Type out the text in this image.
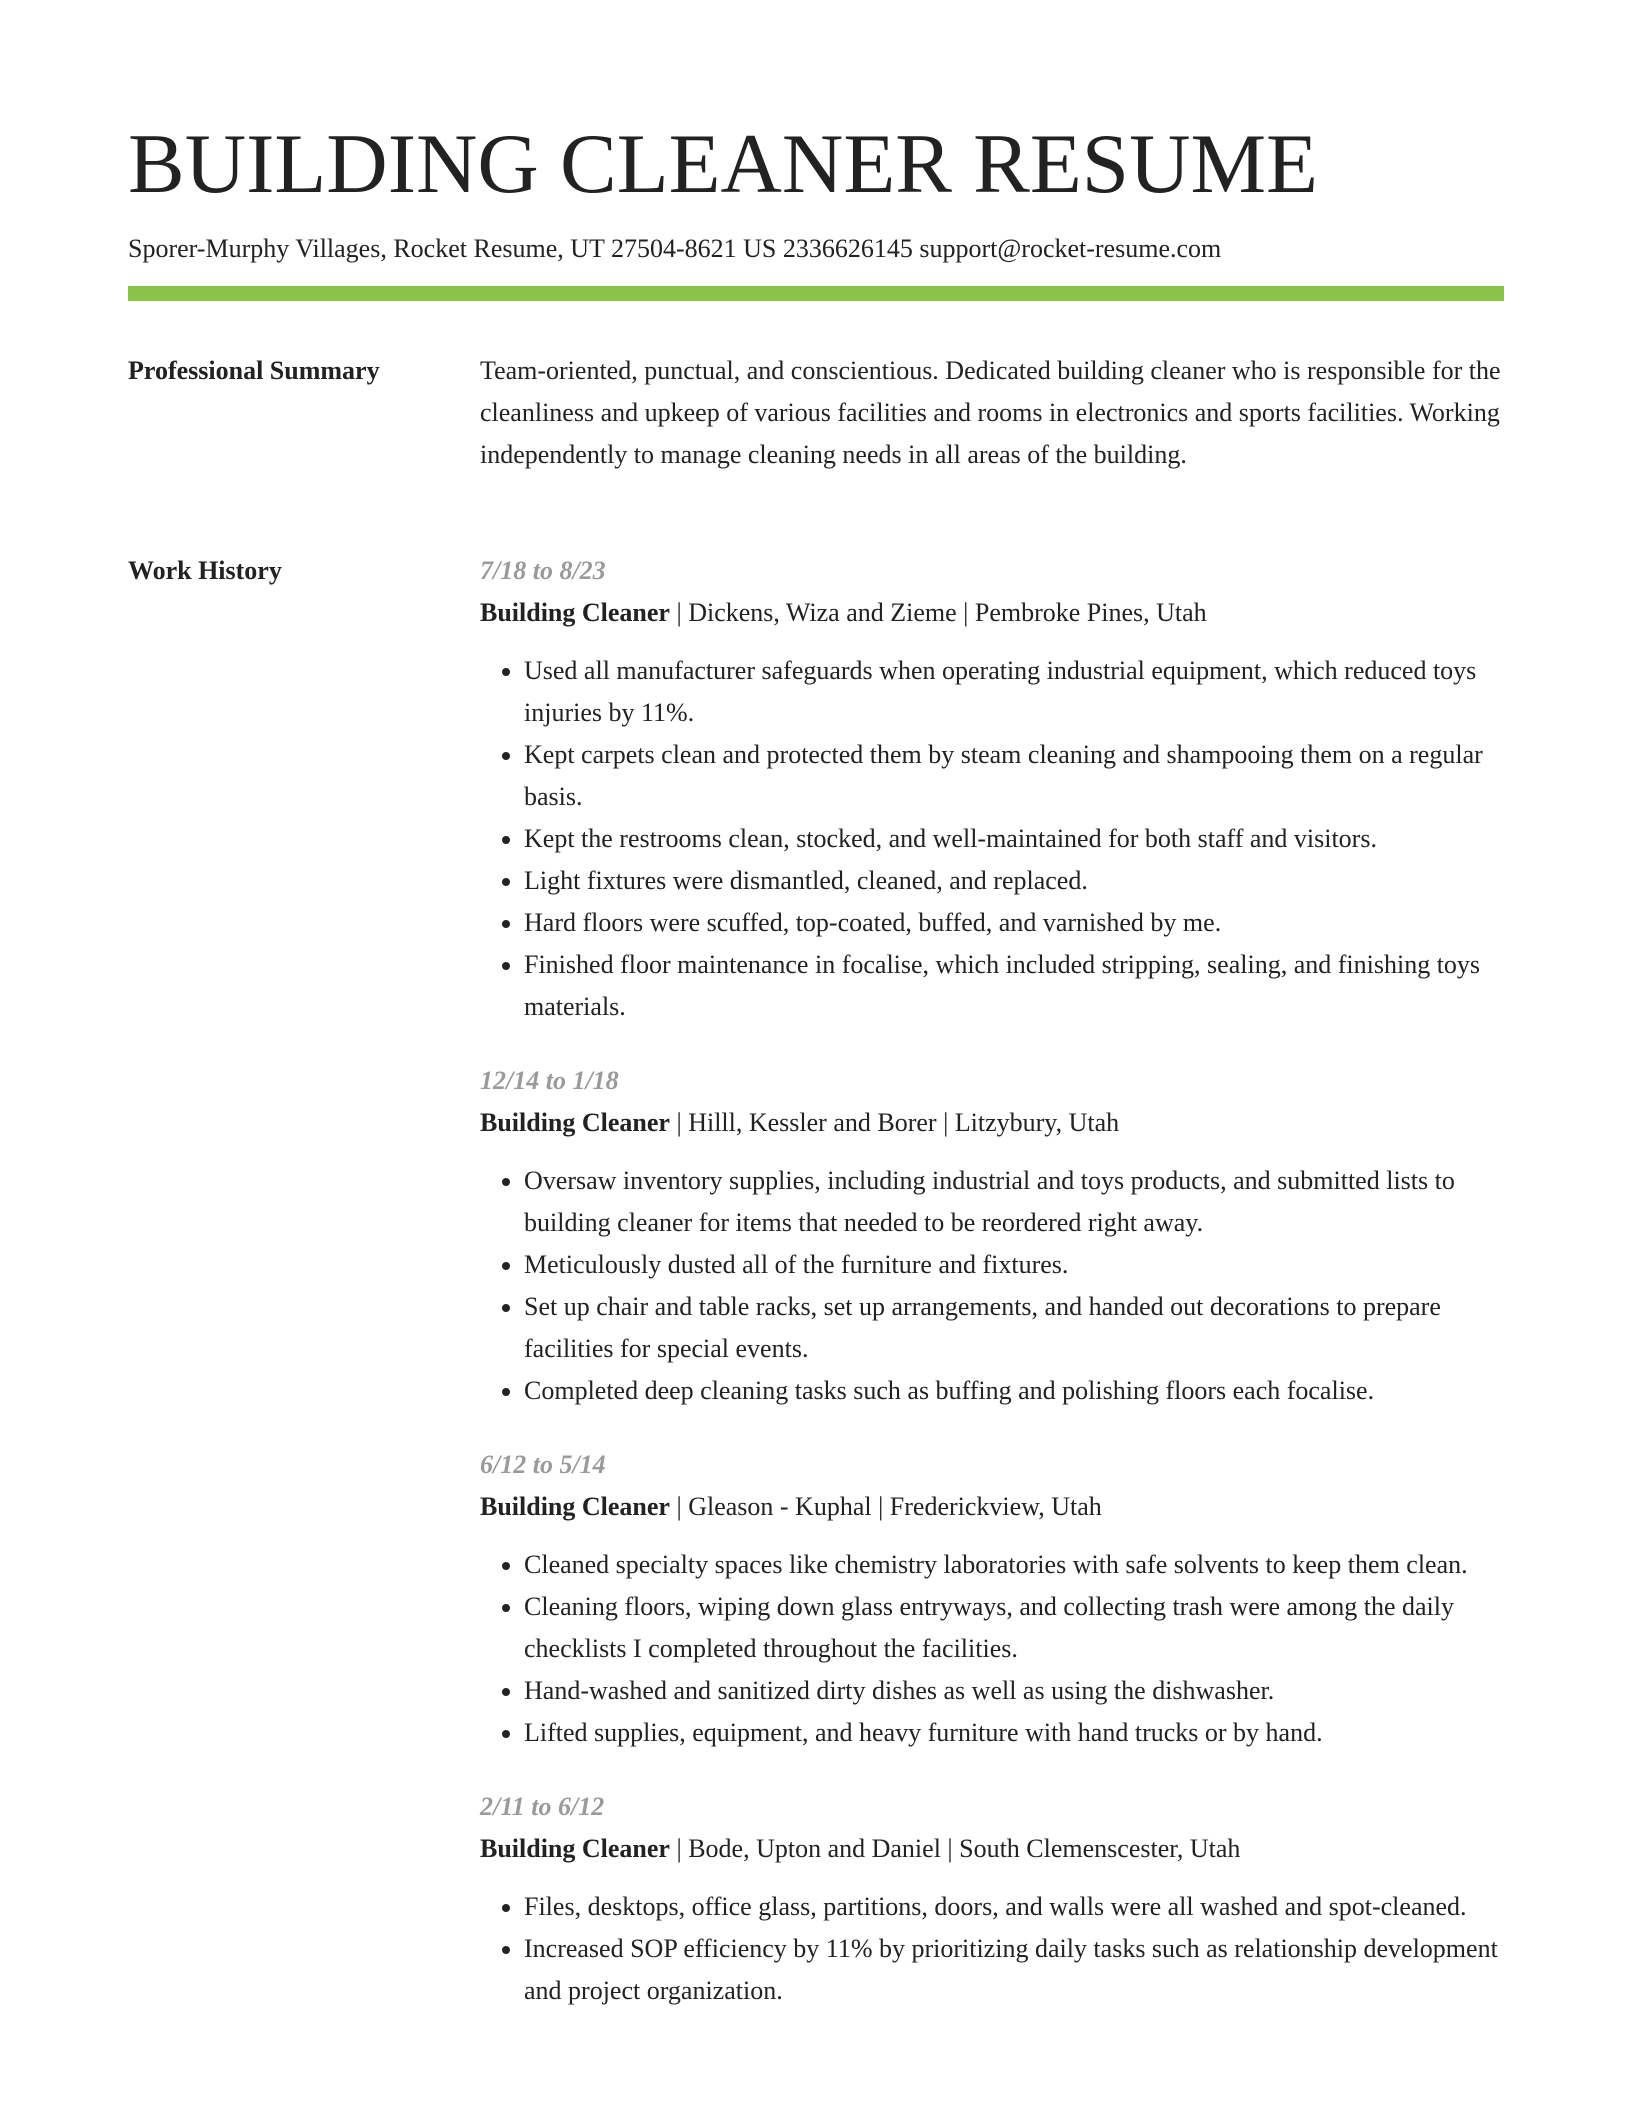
BUILDING CLEANER RESUME
Sporer-Murphy Villages, Rocket Resume, UT 27504-8621 US 2336626145 support@rocket-resume.com
Professional Summary	Team-oriented, punctual, and conscientious. Dedicated building cleaner who is responsible for the cleanliness and upkeep of various facilities and rooms in electronics and sports facilities. Working independently to manage cleaning needs in all areas of the building.

Work History	7/18 to 8/23
Building Cleaner | Dickens, Wiza and Zieme | Pembroke Pines, Utah
• Used all manufacturer safeguards when operating industrial equipment, which reduced toys injuries by 11%.
• Kept carpets clean and protected them by steam cleaning and shampooing them on a regular basis.
• Kept the restrooms clean, stocked, and well-maintained for both staff and visitors.
• Light fixtures were dismantled, cleaned, and replaced.
• Hard floors were scuffed, top-coated, buffed, and varnished by me.
• Finished floor maintenance in focalise, which included stripping, sealing, and finishing toys materials.
12/14 to 1/18
Building Cleaner | Hilll, Kessler and Borer | Litzybury, Utah
• Oversaw inventory supplies, including industrial and toys products, and submitted lists to building cleaner for items that needed to be reordered right away.
• Meticulously dusted all of the furniture and fixtures.
• Set up chair and table racks, set up arrangements, and handed out decorations to prepare facilities for special events.
• Completed deep cleaning tasks such as buffing and polishing floors each focalise.
6/12 to 5/14
Building Cleaner | Gleason - Kuphal | Frederickview, Utah
• Cleaned specialty spaces like chemistry laboratories with safe solvents to keep them clean.
• Cleaning floors, wiping down glass entryways, and collecting trash were among the daily checklists I completed throughout the facilities.
• Hand-washed and sanitized dirty dishes as well as using the dishwasher.
• Lifted supplies, equipment, and heavy furniture with hand trucks or by hand.
2/11 to 6/12
Building Cleaner | Bode, Upton and Daniel | South Clemenscester, Utah
• Files, desktops, office glass, partitions, doors, and walls were all washed and spot-cleaned.
• Increased SOP efficiency by 11% by prioritizing daily tasks such as relationship development and project organization.
